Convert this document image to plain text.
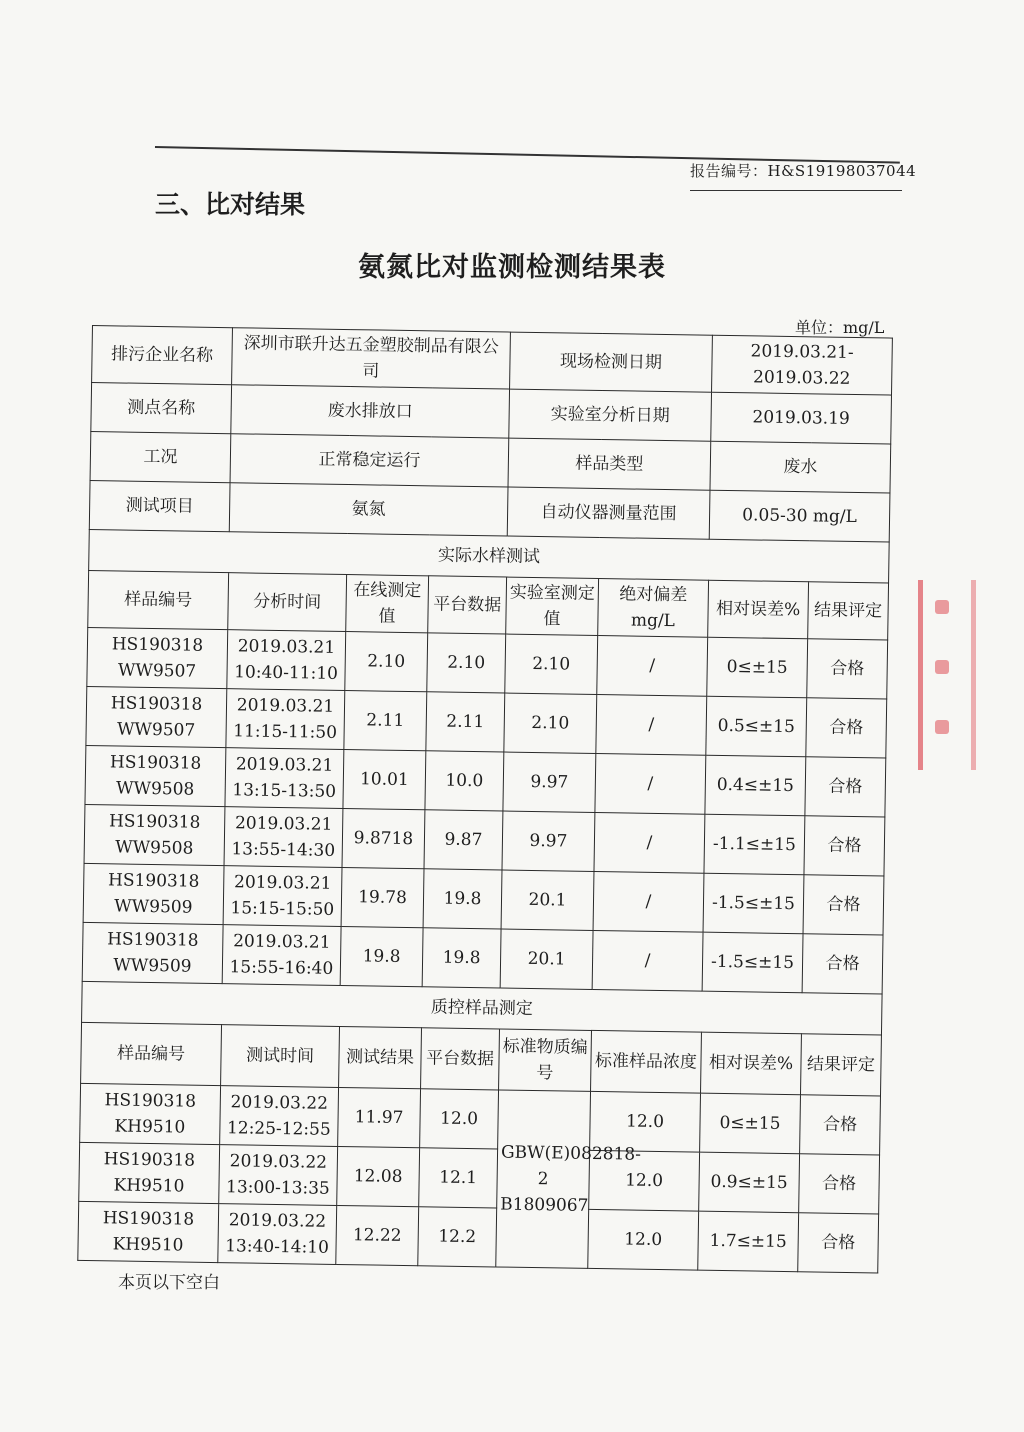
报告编号：H&S19198037044
三、比对结果
氨氮比对监测检测结果表
单位：mg/L
排污企业名称	深圳市联升达五金塑胶制品有限公司			现场检测日期		2019.03.21-2019.03.22	
测点名称	废水排放口			实验室分析日期		2019.03.19	
工况	正常稳定运行			样品类型		废水	
测试项目	氨氮			自动仪器测量范围		0.05-30 mg/L	
实际水样测试							
样品编号	分析时间	在线测定值	平台数据	实验室测定值	绝对偏差mg/L	相对误差%	结果评定
HS190318 WW9507	2019.03.21 10:40-11:10	2.10	2.10	2.10	/	0≤±15	合格
HS190318 WW9507	2019.03.21 11:15-11:50	2.11	2.11	2.10	/	0.5≤±15	合格
HS190318 WW9508	2019.03.21 13:15-13:50	10.01	10.0	9.97	/	0.4≤±15	合格
HS190318 WW9508	2019.03.21 13:55-14:30	9.8718	9.87	9.97	/	-1.1≤±15	合格
HS190318 WW9509	2019.03.21 15:15-15:50	19.78	19.8	20.1	/	-1.5≤±15	合格
HS190318 WW9509	2019.03.21 15:55-16:40	19.8	19.8	20.1	/	-1.5≤±15	合格
质控样品测定							
样品编号	测试时间	测试结果	平台数据	标准物质编号	标准样品浓度	相对误差%	结果评定
HS190318 KH9510	2019.03.22 12:25-12:55	11.97	12.0	GBW(E)082818-2 B1809067	12.0	0≤±15	合格
HS190318 KH9510	2019.03.22 13:00-13:35	12.08	12.1		12.0	0.9≤±15	合格
HS190318 KH9510	2019.03.22 13:40-14:10	12.22	12.2		12.0	1.7≤±15	合格
本页以下空白
